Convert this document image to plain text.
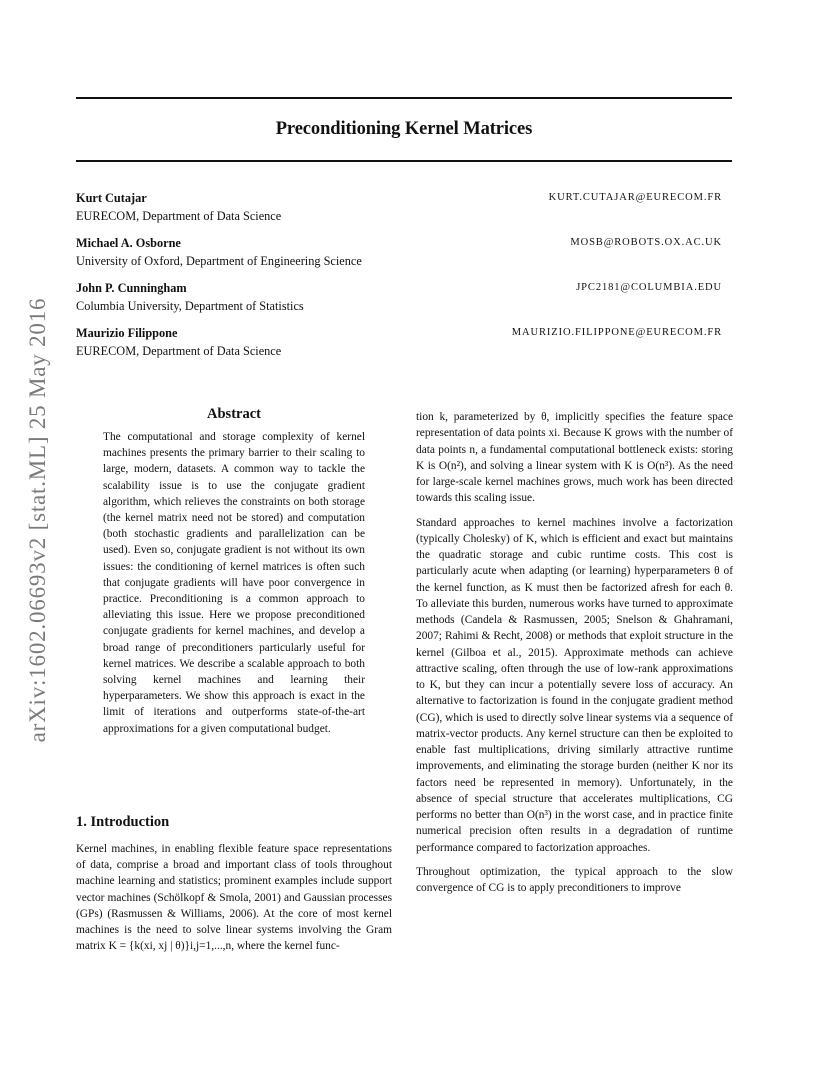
arXiv:1602.06693v2 [stat.ML] 25 May 2016
Preconditioning Kernel Matrices
Kurt Cutajar
EURECOM, Department of Data Science
KURT.CUTAJAR@EURECOM.FR
Michael A. Osborne
University of Oxford, Department of Engineering Science
MOSB@ROBOTS.OX.AC.UK
John P. Cunningham
Columbia University, Department of Statistics
JPC2181@COLUMBIA.EDU
Maurizio Filippone
EURECOM, Department of Data Science
MAURIZIO.FILIPPONE@EURECOM.FR
Abstract
The computational and storage complexity of kernel machines presents the primary barrier to their scaling to large, modern, datasets. A common way to tackle the scalability issue is to use the conjugate gradient algorithm, which relieves the constraints on both storage (the kernel matrix need not be stored) and computation (both stochastic gradients and parallelization can be used). Even so, conjugate gradient is not without its own issues: the conditioning of kernel matrices is often such that conjugate gradients will have poor convergence in practice. Preconditioning is a common approach to alleviating this issue. Here we propose preconditioned conjugate gradients for kernel machines, and develop a broad range of preconditioners particularly useful for kernel matrices. We describe a scalable approach to both solving kernel machines and learning their hyperparameters. We show this approach is exact in the limit of iterations and outperforms state-of-the-art approximations for a given computational budget.
1. Introduction

Kernel machines, in enabling flexible feature space representations of data, comprise a broad and important class of tools throughout machine learning and statistics; prominent examples include support vector machines (Schölkopf & Smola, 2001) and Gaussian processes (GPs) (Rasmussen & Williams, 2006). At the core of most kernel machines is the need to solve linear systems involving the Gram matrix K = {k(xi, xj | θ)}i,j=1,...,n, where the kernel func-

tion k, parameterized by θ, implicitly specifies the feature space representation of data points xi. Because K grows with the number of data points n, a fundamental computational bottleneck exists: storing K is O(n²), and solving a linear system with K is O(n³). As the need for large-scale kernel machines grows, much work has been directed towards this scaling issue.

Standard approaches to kernel machines involve a factorization (typically Cholesky) of K, which is efficient and exact but maintains the quadratic storage and cubic runtime costs. This cost is particularly acute when adapting (or learning) hyperparameters θ of the kernel function, as K must then be factorized afresh for each θ. To alleviate this burden, numerous works have turned to approximate methods (Candela & Rasmussen, 2005; Snelson & Ghahramani, 2007; Rahimi & Recht, 2008) or methods that exploit structure in the kernel (Gilboa et al., 2015). Approximate methods can achieve attractive scaling, often through the use of low-rank approximations to K, but they can incur a potentially severe loss of accuracy. An alternative to factorization is found in the conjugate gradient method (CG), which is used to directly solve linear systems via a sequence of matrix-vector products. Any kernel structure can then be exploited to enable fast multiplications, driving similarly attractive runtime improvements, and eliminating the storage burden (neither K nor its factors need be represented in memory). Unfortunately, in the absence of special structure that accelerates multiplications, CG performs no better than O(n³) in the worst case, and in practice finite numerical precision often results in a degradation of runtime performance compared to factorization approaches.

Throughout optimization, the typical approach to the slow convergence of CG is to apply preconditioners to improve
